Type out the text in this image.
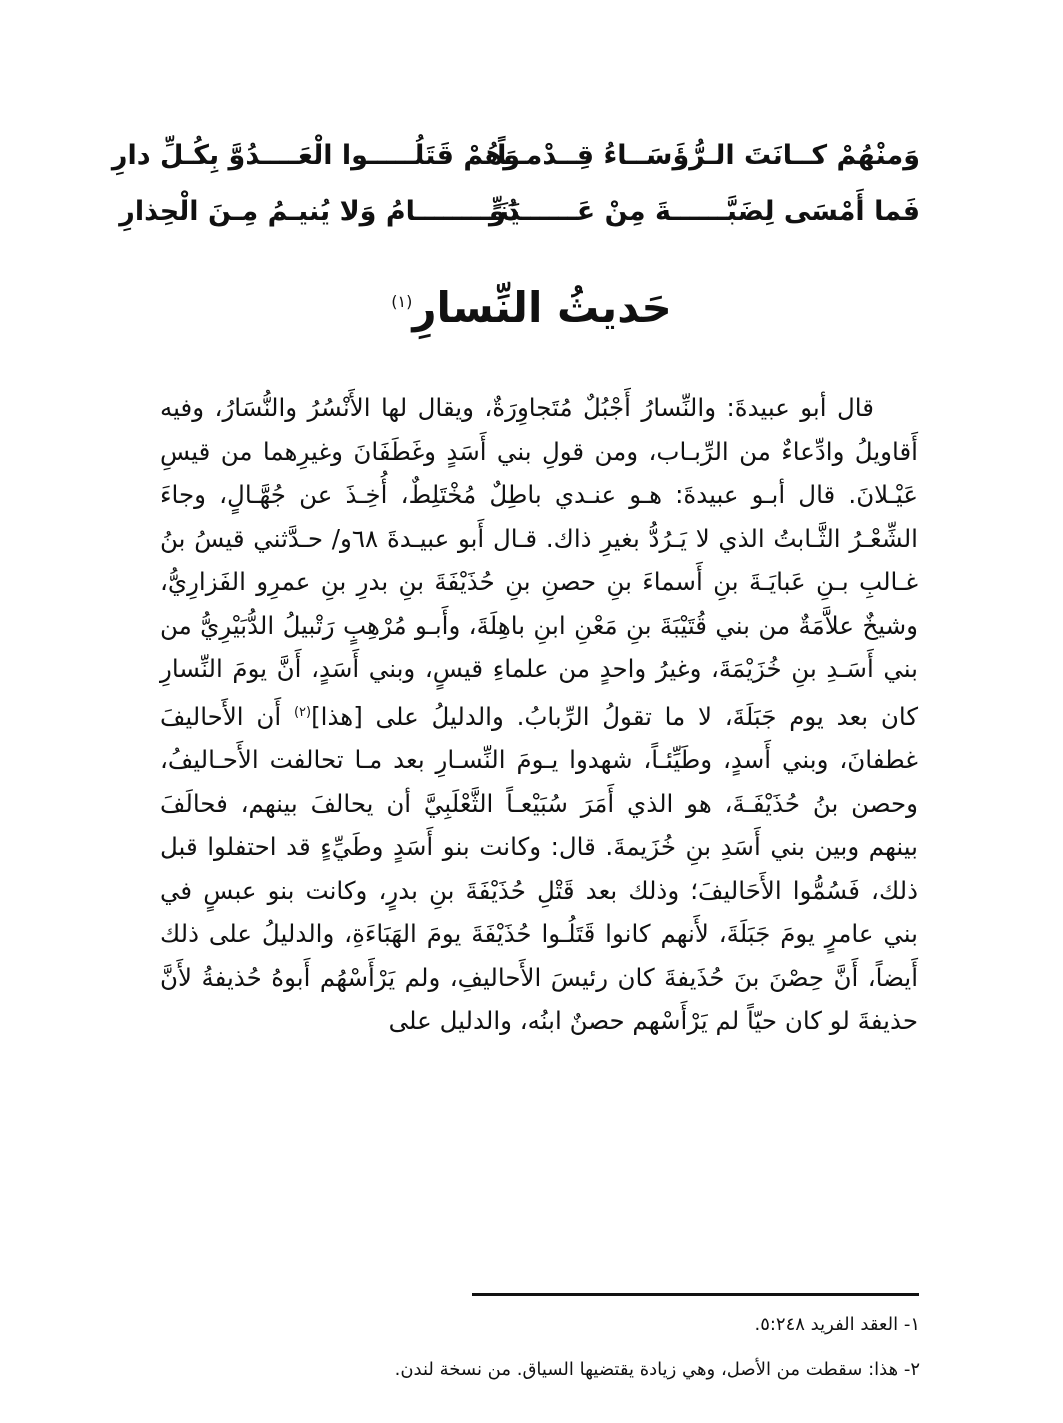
وَمنْهُمْ كــانَتَ الـرُّؤَسَــاءُ قِــدْمــاً
وَهُمْ قَتَلُـــــوا الْعَــــدُوَّ بِكُـلِّ دارِ
فَما أَمْسَى لِضَبَّــــــةَ مِنْ عَــــــدُوٍّ
يَنَـــــــــامُ وَلا يُنيـمُ مِـنَ الْحِذارِ
حَديثُ النِّسارِ$^{(١)}$
قال أبو عبيدةَ: والنِّسارُ أَجْبُلٌ مُتَجاوِرَةٌ، ويقال لها الأَنْسُرُ والنُّسَارُ، وفيه أَقاويلُ وادِّعاءٌ من الرِّبـاب، ومن قولِ بني أَسَدٍ وغَطَفَانَ وغيرِهما من قيسِ عَيْـلانَ. قال أبـو عبيدةَ: هـو عنـدي باطِلٌ مُخْتَلِطٌ، أُخِـذَ عن جُهَّـالٍ، وجاءَ الشِّعْـرُ الثَّـابتُ الذي لا يَـرُدُّ بغيرِ ذاك. قـال أَبو عبيـدةَ ٦٨و/ حـدَّثني قيسُ بنُ غـالبِ بـنِ عَبايَـةَ بنِ أَسماءَ بنِ حصنِ بنِ حُذَيْفَةَ بنِ بدرِ بنِ عمرِو الفَزارِيُّ، وشيخٌ علاَّمَةٌ من بني قُتَيْبَةَ بنِ مَعْنِ ابنِ باهِلَةَ، وأَبـو مُرْهِبٍ رَتْبيلُ الدُّبَيْرِيُّ من بني أَسَـدِ بنِ خُزَيْمَةَ، وغيرُ واحدٍ من علماءِ قيسٍ، وبني أَسَدٍ، أَنَّ يومَ النِّسارِ كان بعد يوم جَبَلَةَ، لا ما تقولُ الرِّبابُ. والدليلُ على [هذا]$^{(٢)}$ أَن الأَحاليفَ غطفانَ، وبني أَسدٍ، وطَيِّئـاً، شهدوا يـومَ النِّسـارِ بعد مـا تحالفت الأَحـاليفُ، وحصن بنُ حُذَيْفَـةَ، هو الذي أَمَرَ سُبَيْعـاً الثَّعْلَبِيَّ أن يحالفَ بينهم، فحالَفَ بينهم وبين بني أَسَدِ بنِ خُزَيمةَ. قال: وكانت بنو أَسَدٍ وطَيِّءٍ قد احتفلوا قبل ذلك، فَسُمُّوا الأَحَاليفَ؛ وذلك بعد قَتْلِ حُذَيْفَةَ بنِ بدرٍ، وكانت بنو عبسٍ في بني عامرٍ يومَ جَبَلَةَ، لأَنهم كانوا قَتَلُـوا حُذَيْفَةَ يومَ الهَبَاءَةِ، والدليلُ على ذلك أَيضاً، أَنَّ حِصْنَ بنَ حُذَيفةَ كان رئيسَ الأَحاليفِ، ولم يَرْأَسْهُم أَبوهُ حُذيفةُ لأَنَّ حذيفةَ لو كان حيّاً لم يَرْأَسْهم حصنٌ ابنُه، والدليل على
١- العقد الفريد ٥:٢٤٨.
٢- هذا: سقطت من الأصل، وهي زيادة يقتضيها السياق. من نسخة لندن.
